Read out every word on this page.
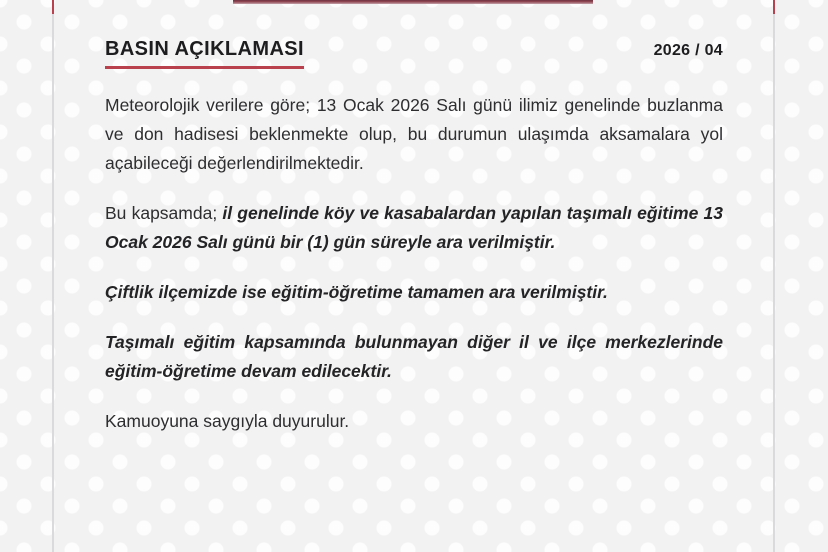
BASIN AÇIKLAMASI	2026 / 04

Meteorolojik verilere göre; 13 Ocak 2026 Salı günü ilimiz genelinde buzlanma ve don hadisesi beklenmekte olup, bu durumun ulaşımda aksamalara yol açabileceği değerlendirilmektedir.

Bu kapsamda; il genelinde köy ve kasabalardan yapılan taşımalı eğitime 13 Ocak 2026 Salı günü bir (1) gün süreyle ara verilmiştir.

Çiftlik ilçemizde ise eğitim-öğretime tamamen ara verilmiştir.

Taşımalı eğitim kapsamında bulunmayan diğer il ve ilçe merkezlerinde eğitim-öğretime devam edilecektir.

Kamuoyuna saygıyla duyurulur.
